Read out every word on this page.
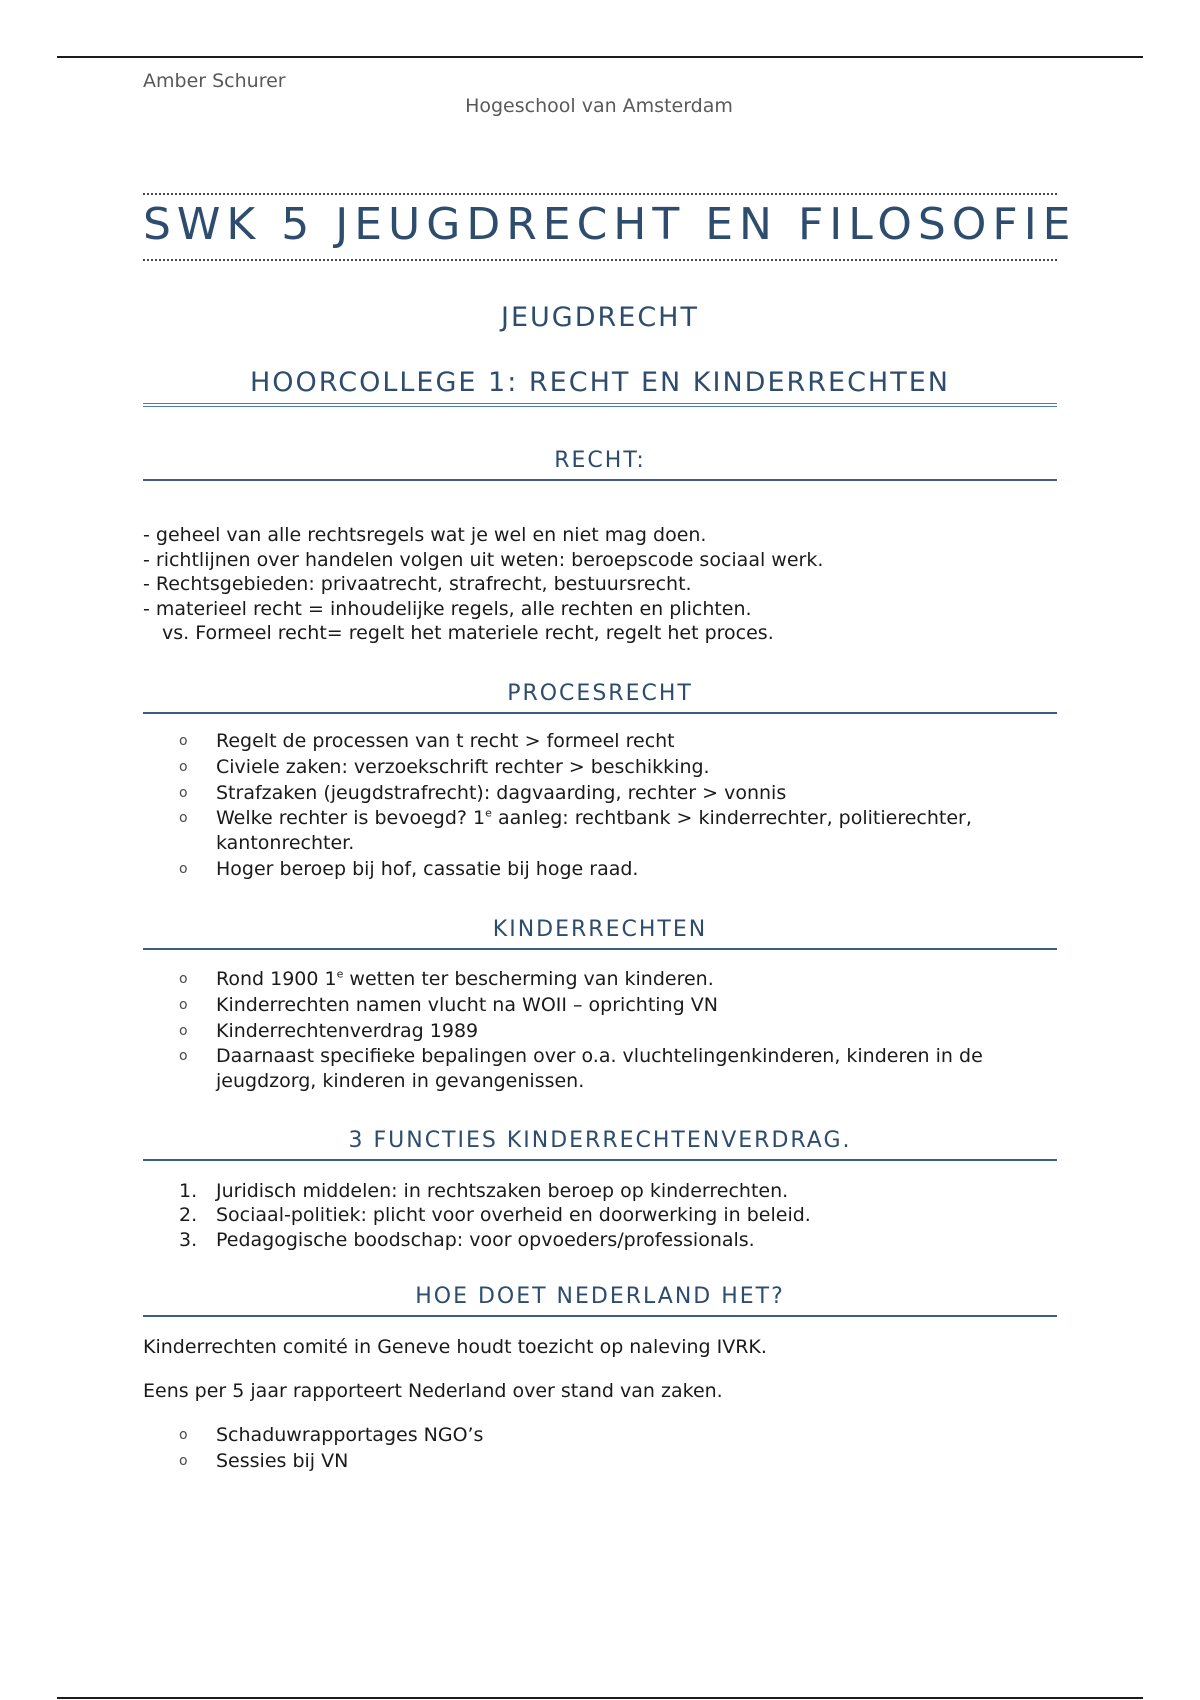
Amber Schurer
Hogeschool van Amsterdam
SWK 5 JEUGDRECHT EN FILOSOFIE
JEUGDRECHT
HOORCOLLEGE 1: RECHT EN KINDERRECHTEN
RECHT:
- geheel van alle rechtsregels wat je wel en niet mag doen.
- richtlijnen over handelen volgen uit weten: beroepscode sociaal werk.
- Rechtsgebieden: privaatrecht, strafrecht, bestuursrecht.
- materieel recht = inhoudelijke regels, alle rechten en plichten.
vs. Formeel recht= regelt het materiele recht, regelt het proces.
PROCESRECHT
o Regelt de processen van t recht > formeel recht
o Civiele zaken: verzoekschrift rechter > beschikking.
o Strafzaken (jeugdstrafrecht): dagvaarding, rechter > vonnis
o Welke rechter is bevoegd? 1e aanleg: rechtbank > kinderrechter, politierechter,
kantonrechter.
o Hoger beroep bij hof, cassatie bij hoge raad.
KINDERRECHTEN
o Rond 1900 1e wetten ter bescherming van kinderen.
o Kinderrechten namen vlucht na WOII – oprichting VN
o Kinderrechtenverdrag 1989
o Daarnaast specifieke bepalingen over o.a. vluchtelingenkinderen, kinderen in de jeugdzorg, kinderen in gevangenissen.
3 FUNCTIES KINDERRECHTENVERDRAG.
1. Juridisch middelen: in rechtszaken beroep op kinderrechten.
2. Sociaal-politiek: plicht voor overheid en doorwerking in beleid.
3. Pedagogische boodschap: voor opvoeders/professionals.
HOE DOET NEDERLAND HET?

Kinderrechten comité in Geneve houdt toezicht op naleving IVRK.

Eens per 5 jaar rapporteert Nederland over stand van zaken.

o Schaduwrapportages NGO’s
o Sessies bij VN
